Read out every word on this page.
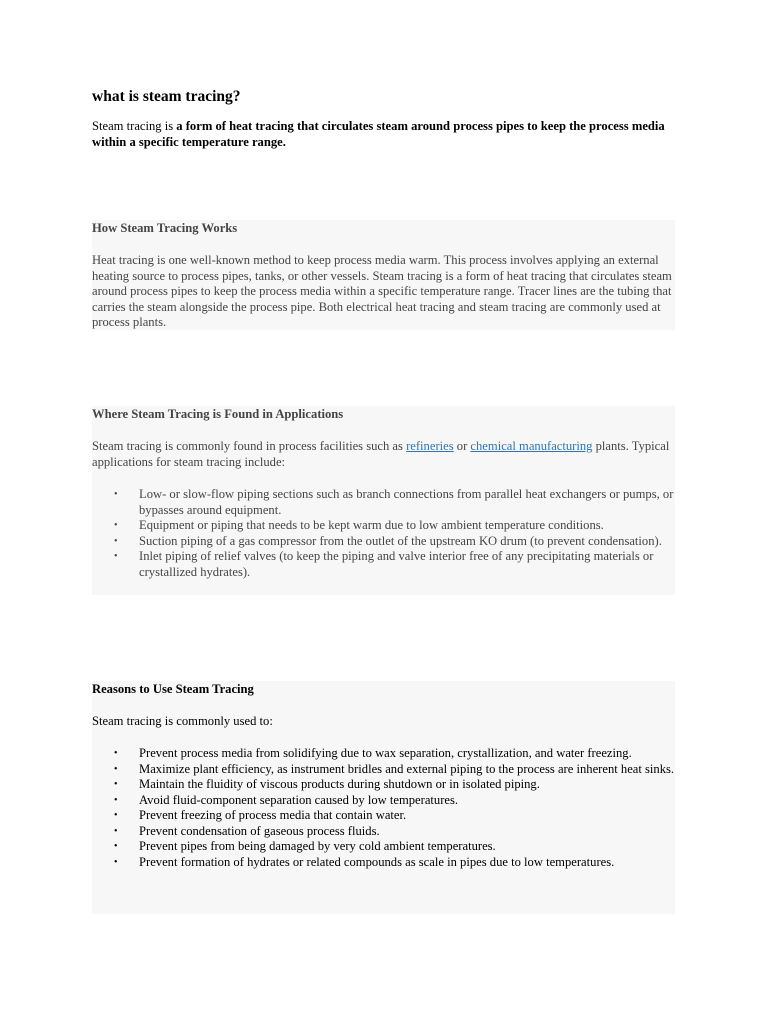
what is steam tracing?

Steam tracing is a form of heat tracing that circulates steam around process pipes to keep the process media within a specific temperature range.

How Steam Tracing Works

Heat tracing is one well-known method to keep process media warm. This process involves applying an external heating source to process pipes, tanks, or other vessels. Steam tracing is a form of heat tracing that circulates steam around process pipes to keep the process media within a specific temperature range. Tracer lines are the tubing that carries the steam alongside the process pipe. Both electrical heat tracing and steam tracing are commonly used at process plants.

Where Steam Tracing is Found in Applications

Steam tracing is commonly found in process facilities such as refineries or chemical manufacturing plants. Typical applications for steam tracing include:

• Low- or slow-flow piping sections such as branch connections from parallel heat exchangers or pumps, or bypasses around equipment.
• Equipment or piping that needs to be kept warm due to low ambient temperature conditions.
• Suction piping of a gas compressor from the outlet of the upstream KO drum (to prevent condensation).
• Inlet piping of relief valves (to keep the piping and valve interior free of any precipitating materials or crystallized hydrates).
Reasons to Use Steam Tracing

Steam tracing is commonly used to:

• Prevent process media from solidifying due to wax separation, crystallization, and water freezing.
• Maximize plant efficiency, as instrument bridles and external piping to the process are inherent heat sinks.
• Maintain the fluidity of viscous products during shutdown or in isolated piping.
• Avoid fluid-component separation caused by low temperatures.
• Prevent freezing of process media that contain water.
• Prevent condensation of gaseous process fluids.
• Prevent pipes from being damaged by very cold ambient temperatures.
• Prevent formation of hydrates or related compounds as scale in pipes due to low temperatures.
